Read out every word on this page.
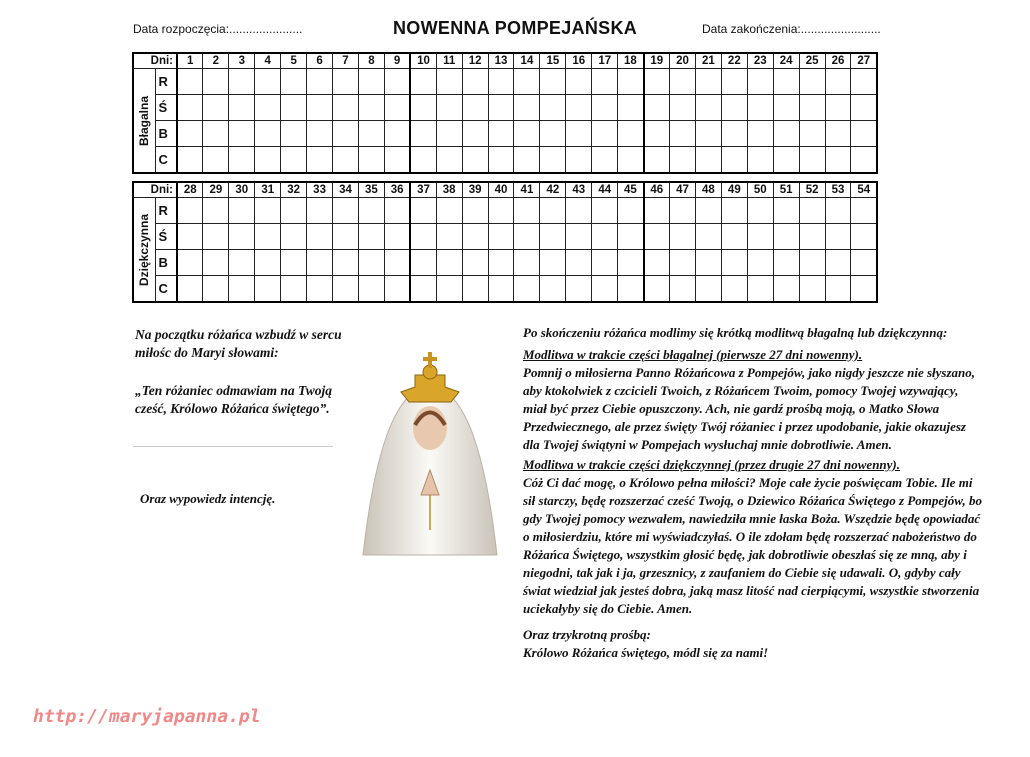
Data rozpoczęcia:......................	NOWENNA POMPEJAŃSKA	Data zakończenia:........................
Dni:		1	2	3	4	5	6	7	8	9	10	11	12	13	14	15	16	17	18	19	20	21	22	23	24	25	26	27

Błagalna	R																											
	Ś																											
	B																											
	C																											
Dni:		28	29	30	31	32	33	34	35	36	37	38	39	40	41	42	43	44	45	46	47	48	49	50	51	52	53	54

Dziękczynna	R																											
	Ś																											
	B																											
	C																											
Na początku różańca wzbudź w sercu miłośc do Maryi słowami:
„Ten różaniec odmawiam na Twoją cześć, Królowo Różańca świętego”.
Oraz wypowiedz intencję.

Po skończeniu różańca modlimy się krótką modlitwą błagalną lub dziękczynną:

Modlitwa w trakcie części błagalnej (pierwsze 27 dni nowenny).

Pomnij o miłosierna Panno Różańcowa z Pompejów, jako nigdy jeszcze nie słyszano, aby ktokolwiek z czcicieli Twoich, z Różańcem Twoim, pomocy Twojej wzywający, miał być przez Ciebie opuszczony. Ach, nie gardź prośbą moją, o Matko Słowa Przedwiecznego, ale przez święty Twój różaniec i przez upodobanie, jakie okazujesz dla Twojej świątyni w Pompejach wysłuchaj mnie dobrotliwie. Amen.

Modlitwa w trakcie części dziękczynnej (przez drugie 27 dni nowenny).

Cóż Ci dać mogę, o Królowo pełna miłości? Moje całe życie poświęcam Tobie. Ile mi sił starczy, będę rozszerzać cześć Twoją, o Dziewico Różańca Świętego z Pompejów, bo gdy Twojej pomocy wezwałem, nawiedziła mnie łaska Boża. Wszędzie będę opowiadać o miłosierdziu, które mi wyświadczyłaś. O ile zdołam będę rozszerzać nabożeństwo do Różańca Świętego, wszystkim głosić będę, jak dobrotliwie obeszłaś się ze mną, aby i niegodni, tak jak i ja, grzesznicy, z zaufaniem do Ciebie się udawali. O, gdyby cały świat wiedział jak jesteś dobra, jaką masz litość nad cierpiącymi, wszystkie stworzenia uciekałyby się do Ciebie. Amen.

Oraz trzykrotną prośbą:

Królowo Różańca świętego, módl się za nami!

http://maryjapanna.pl
